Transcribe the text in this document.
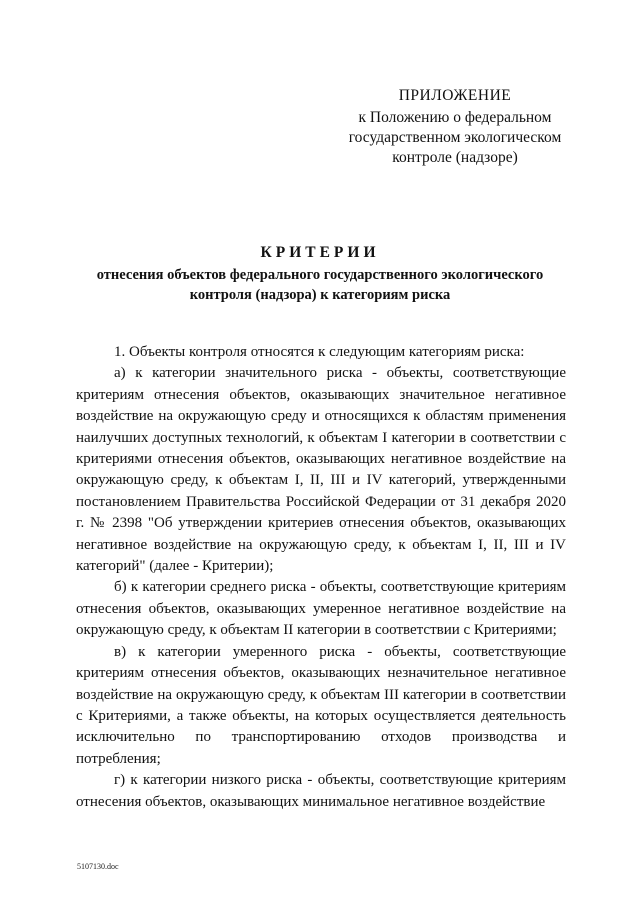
ПРИЛОЖЕНИЕ
к Положению о федеральном
государственном экологическом
контроле (надзоре)
КРИТЕРИИ
отнесения объектов федерального государственного экологического
контроля (надзора) к категориям риска

1. Объекты контроля относятся к следующим категориям риска:

а) к категории значительного риска - объекты, соответствующие критериям отнесения объектов, оказывающих значительное негативное воздействие на окружающую среду и относящихся к областям применения наилучших доступных технологий, к объектам I категории в соответствии с критериями отнесения объектов, оказывающих негативное воздействие на окружающую среду, к объектам I, II, III и IV категорий, утвержденными постановлением Правительства Российской Федерации от 31 декабря 2020 г. № 2398 "Об утверждении критериев отнесения объектов, оказывающих негативное воздействие на окружающую среду, к объектам I, II, III и IV категорий" (далее - Критерии);

б) к категории среднего риска - объекты, соответствующие критериям отнесения объектов, оказывающих умеренное негативное воздействие на окружающую среду, к объектам II категории в соответствии с Критериями;

в) к категории умеренного риска - объекты, соответствующие критериям отнесения объектов, оказывающих незначительное негативное воздействие на окружающую среду, к объектам III категории в соответствии с Критериями, а также объекты, на которых осуществляется деятельность исключительно по транспортированию отходов производства и потребления;

г) к категории низкого риска - объекты, соответствующие критериям отнесения объектов, оказывающих минимальное негативное воздействие

5107130.doc
